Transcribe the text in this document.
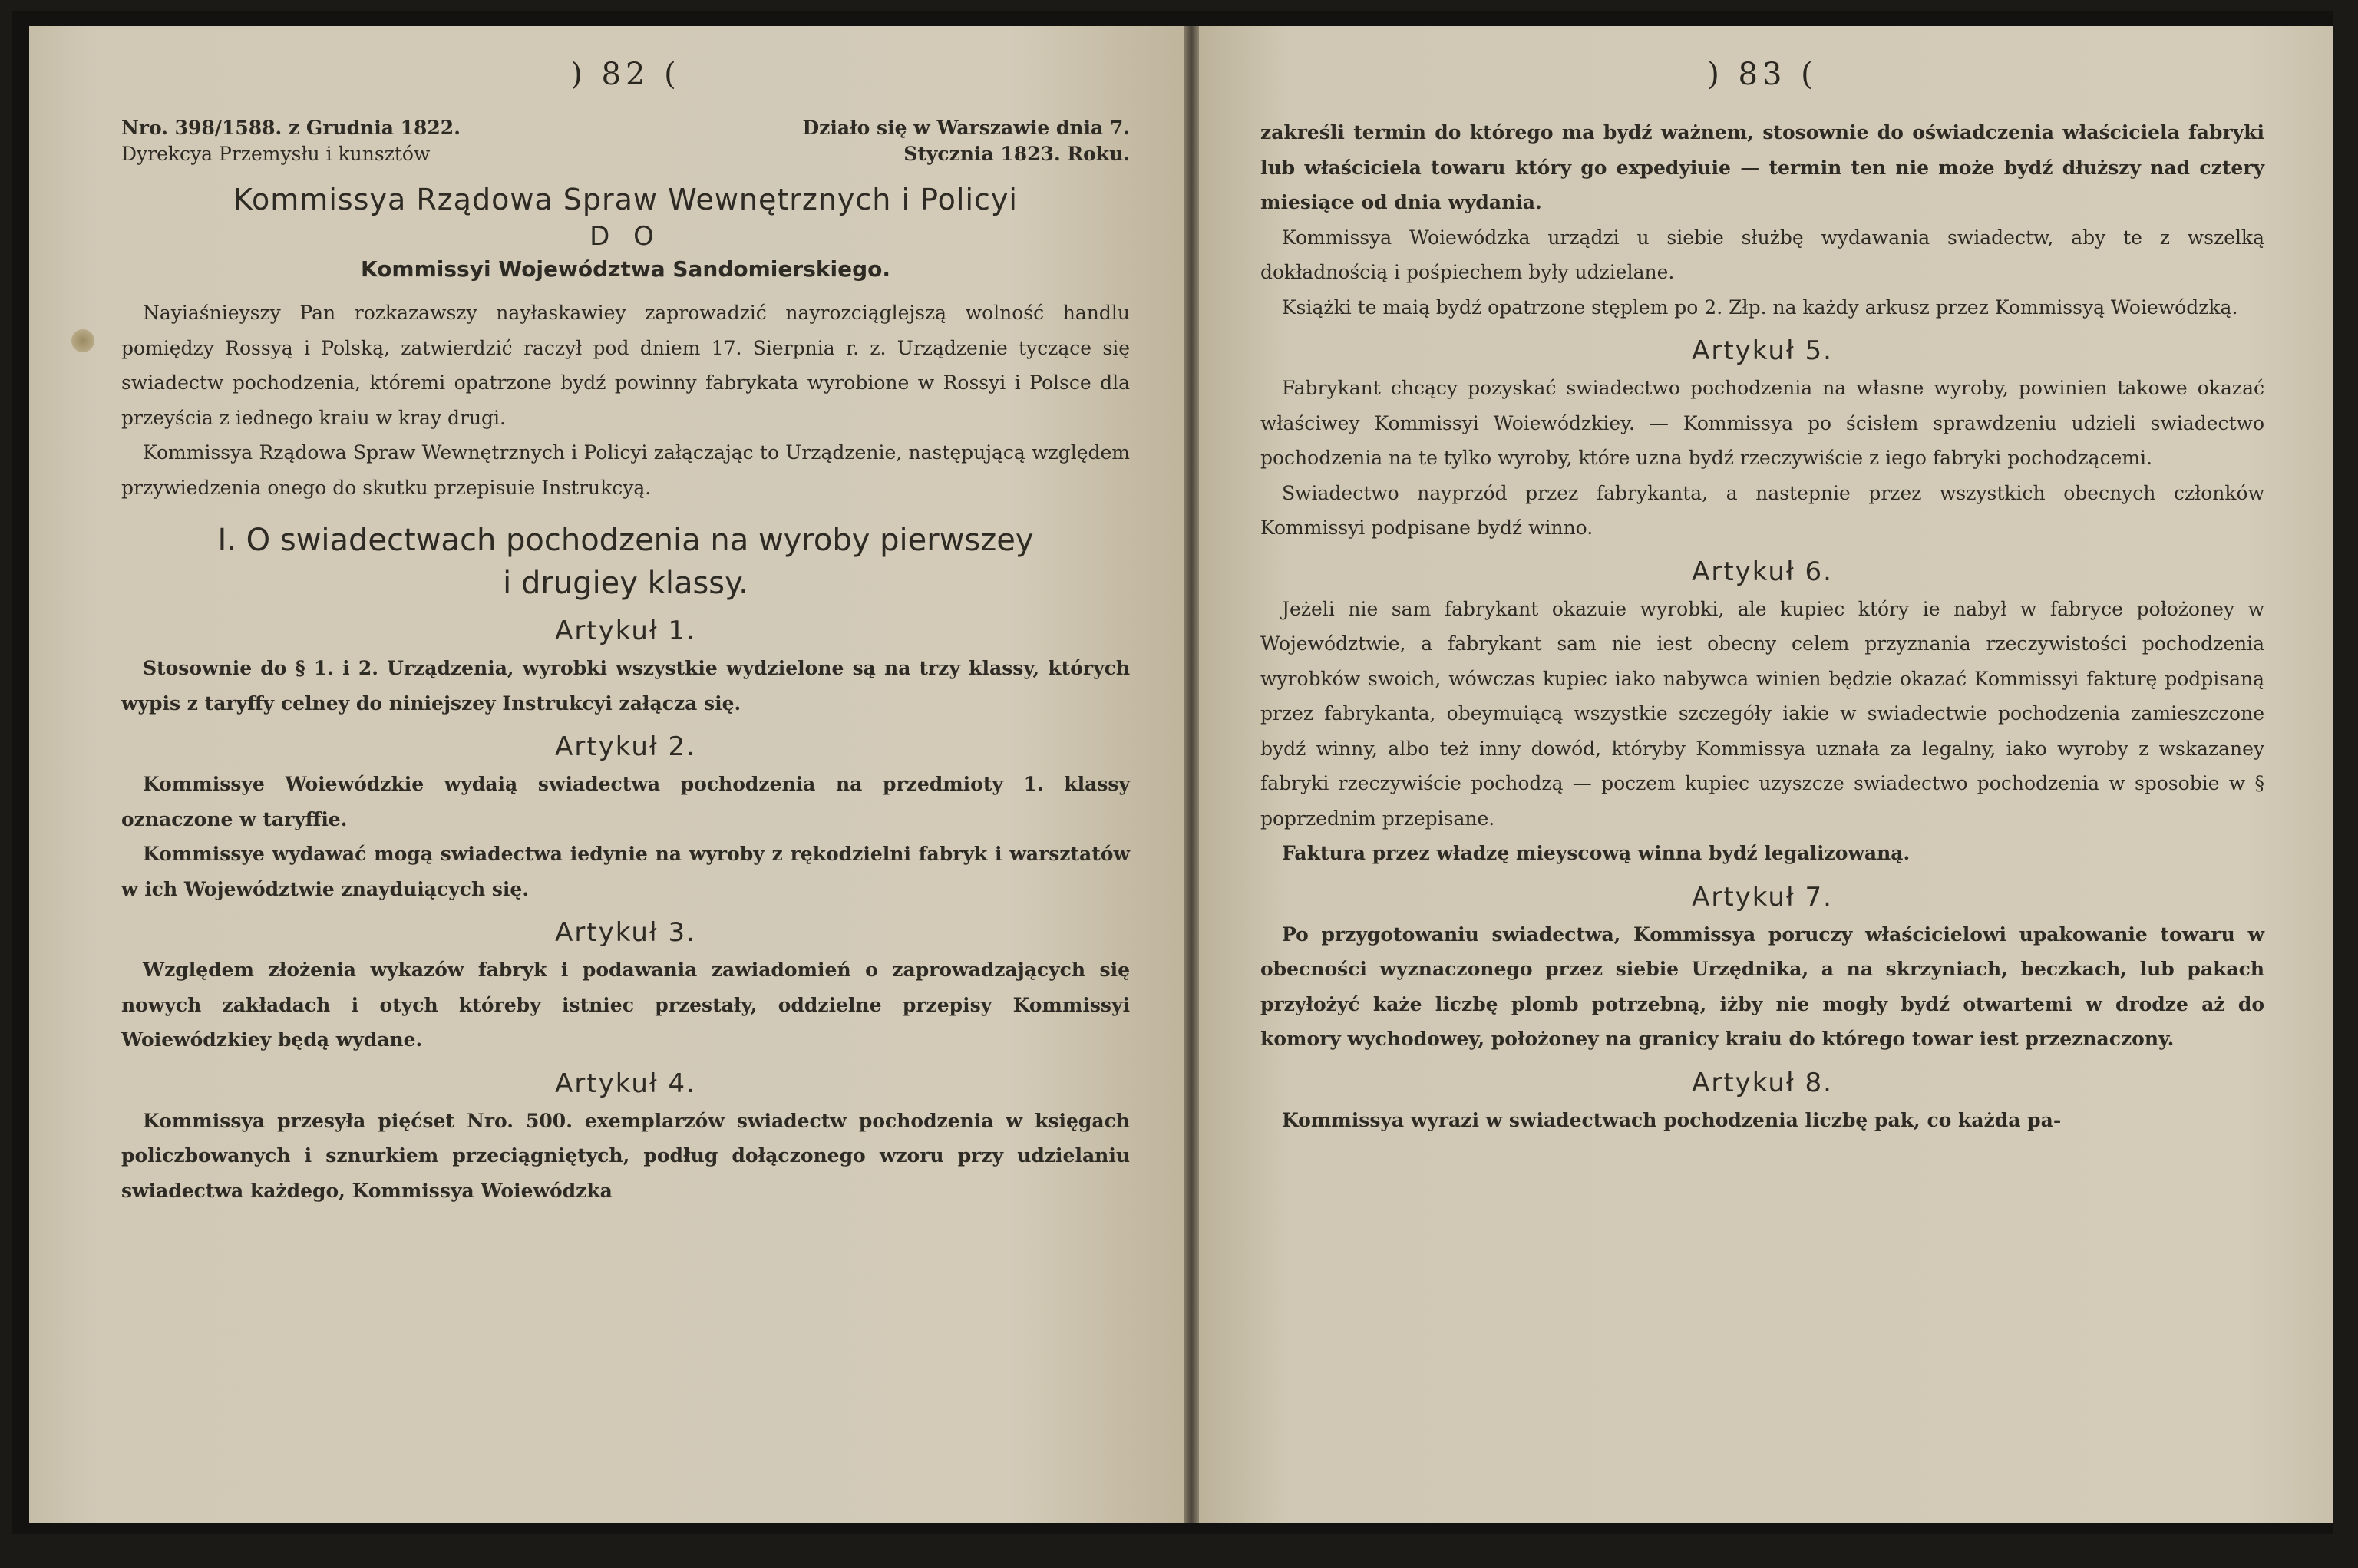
) 82 (
Nro. 398/1588. z Grudnia 1822.
Dyrekcya Przemysłu i kunsztów
Działo się w Warszawie dnia 7.
Stycznia 1823. Roku.
Kommissya Rządowa Spraw Wewnętrznych i Policyi
D O
Kommissyi Województwa Sandomierskiego.

Nayiaśnieyszy Pan rozkazawszy nayłaskawiey zaprowadzić nayrozciąglejszą wolność handlu pomiędzy Rossyą i Polską, zatwierdzić raczył pod dniem 17. Sierpnia r. z. Urządzenie tyczące się swiadectw pochodzenia, któremi opatrzone bydź powinny fabrykata wyrobione w Rossyi i Polsce dla przeyścia z iednego kraiu w kray drugi.

Kommissya Rządowa Spraw Wewnętrznych i Policyi załączając to Urządzenie, następującą względem przywiedzenia onego do skutku przepisuie Instrukcyą.

I. O swiadectwach pochodzenia na wyroby pierwszey
i drugiey klassy.
Artykuł 1.

Stosownie do § 1. i 2. Urządzenia, wyrobki wszystkie wydzielone są na trzy klassy, których wypis z taryffy celney do niniejszey Instrukcyi załącza się.

Artykuł 2.

Kommissye Woiewódzkie wydaią swiadectwa pochodzenia na przedmioty 1. klassy oznaczone w taryffie.

Kommissye wydawać mogą swiadectwa iedynie na wyroby z rękodzielni fabryk i warsztatów w ich Województwie znayduiących się.

Artykuł 3.

Względem złożenia wykazów fabryk i podawania zawiadomień o zaprowadzających się nowych zakładach i otych którеby istniec przestały, oddzielne przepisy Kommissyi Woiewódzkiey będą wydane.

Artykuł 4.

Kommissya przesyła pięćset Nro. 500. exemplarzów swiadectw pochodzenia w księgach policzbowanych i sznurkiem przeciągniętych, podług dołączonego wzoru przy udzielaniu swiadectwa każdego, Kommissya Woiewódzka

) 83 (

zakreśli termin do którego ma bydź ważnem, stosownie do oświadczenia właściciela fabryki lub właściciela towaru który go expedyiuie — termin ten nie może bydź dłuższy nad cztery miesiące od dnia wydania.

Kommissya Woiewódzka urządzi u siebie służbę wydawania swiadectw, aby te z wszelką dokładnością i pośpiechem były udzielane.

Książki te maią bydź opatrzone stęplem po 2. Złp. na każdy arkusz przez Kommissyą Woiewódzką.

Artykuł 5.

Fabrykant chcący pozyskać swiadectwo pochodzenia na własne wyroby, powinien takowe okazać właściwey Kommissyi Woiewódzkiey. — Kommissya po ścisłem sprawdzeniu udzieli swiadectwo pochodzenia na te tylko wyroby, które uzna bydź rzeczywiście z iego fabryki pochodzącemi.

Swiadectwo nayprzód przez fabrykanta, a nastepnie przez wszystkich obecnych członków Kommissyi podpisane bydź winno.

Artykuł 6.

Jeżeli nie sam fabrykant okazuie wyrobki, ale kupiec który ie nabył w fabryce położoney w Województwie, a fabrykant sam nie iest obecny celem przyznania rzeczywistości pochodzenia wyrobków swoich, wówczas kupiec iako nabywca winien będzie okazać Kommissyi fakturę podpisaną przez fabrykanta, obeymuiącą wszystkie szczegóły iakie w swiadectwie pochodzenia zamieszczone bydź winny, albo też inny dowód, któryby Kommissya uznała za legalny, iako wyroby z wskazaney fabryki rzeczywiście pochodzą — poczem kupiec uzyszcze swiadectwo pochodzenia w sposobie w § poprzednim przepisane.

Faktura przez władzę mieyscową winna bydź legalizowaną.

Artykuł 7.

Po przygotowaniu swiadectwa, Kommissya poruczy właścicielowi upakowanie towaru w obecności wyznaczonego przez siebie Urzędnika, a na skrzyniach, beczkach, lub pakach przyłożyć każe liczbę plomb potrzebną, iżby nie mogły bydź otwartemi w drodze aż do komory wychodowey, położoney na granicy kraiu do którego towar iest przeznaczony.

Artykuł 8.

Kommissya wyrazi w swiadectwach pochodzenia liczbę pak, co każda pa-
